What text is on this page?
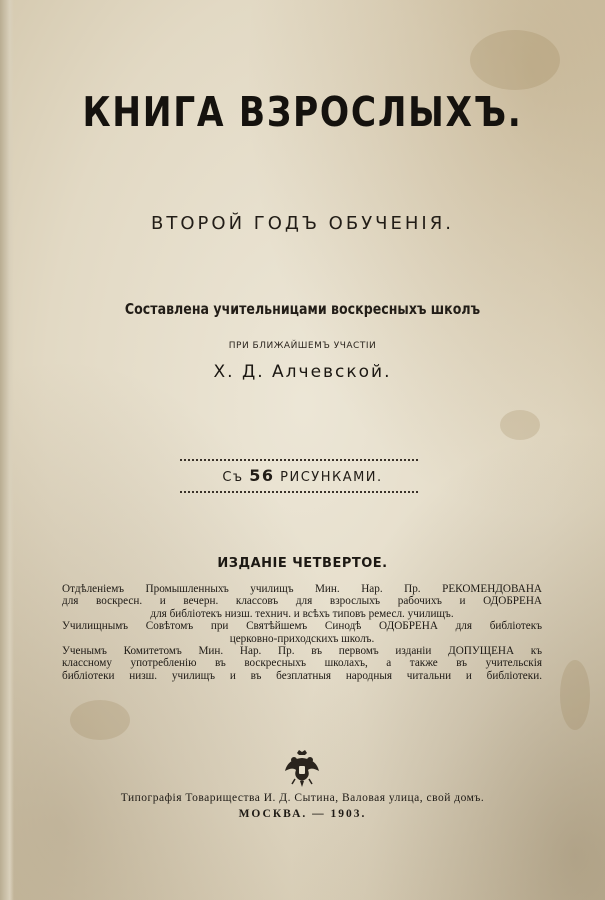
КНИГА ВЗРОСЛЫХЪ.
ВТОРОЙ ГОДЪ ОБУЧЕНІЯ.
Составлена учительницами воскресныхъ школъ
ПРИ БЛИЖАЙШЕМЪ УЧАСТІИ
Х. Д. Алчевской.
Съ 56 РИСУНКАМИ.
ИЗДАНІЕ ЧЕТВЕРТОЕ.
Отдѣленіемъ Промышленныхъ училищъ Мин. Нар. Пр. РЕКОМЕНДОВАНА
для воскресн. и вечерн. классовъ для взрослыхъ рабочихъ и ОДОБРЕНА
для библіотекъ низш. технич. и всѣхъ типовъ ремесл. училищъ.
Училищнымъ Совѣтомъ при Святѣйшемъ Синодѣ ОДОБРЕНА для библіотекъ
церковно-приходскихъ школъ.
Ученымъ Комитетомъ Мин. Нар. Пр. въ первомъ изданіи ДОПУЩЕНА къ
классному употребленію въ воскресныхъ школахъ, а также въ учительскія
библіотеки низш. училищъ и въ безплатныя народныя читальни и библіотеки.
Типографія Товарищества И. Д. Сытина, Валовая улица, свой домъ.
МОСКВА. — 1903.
